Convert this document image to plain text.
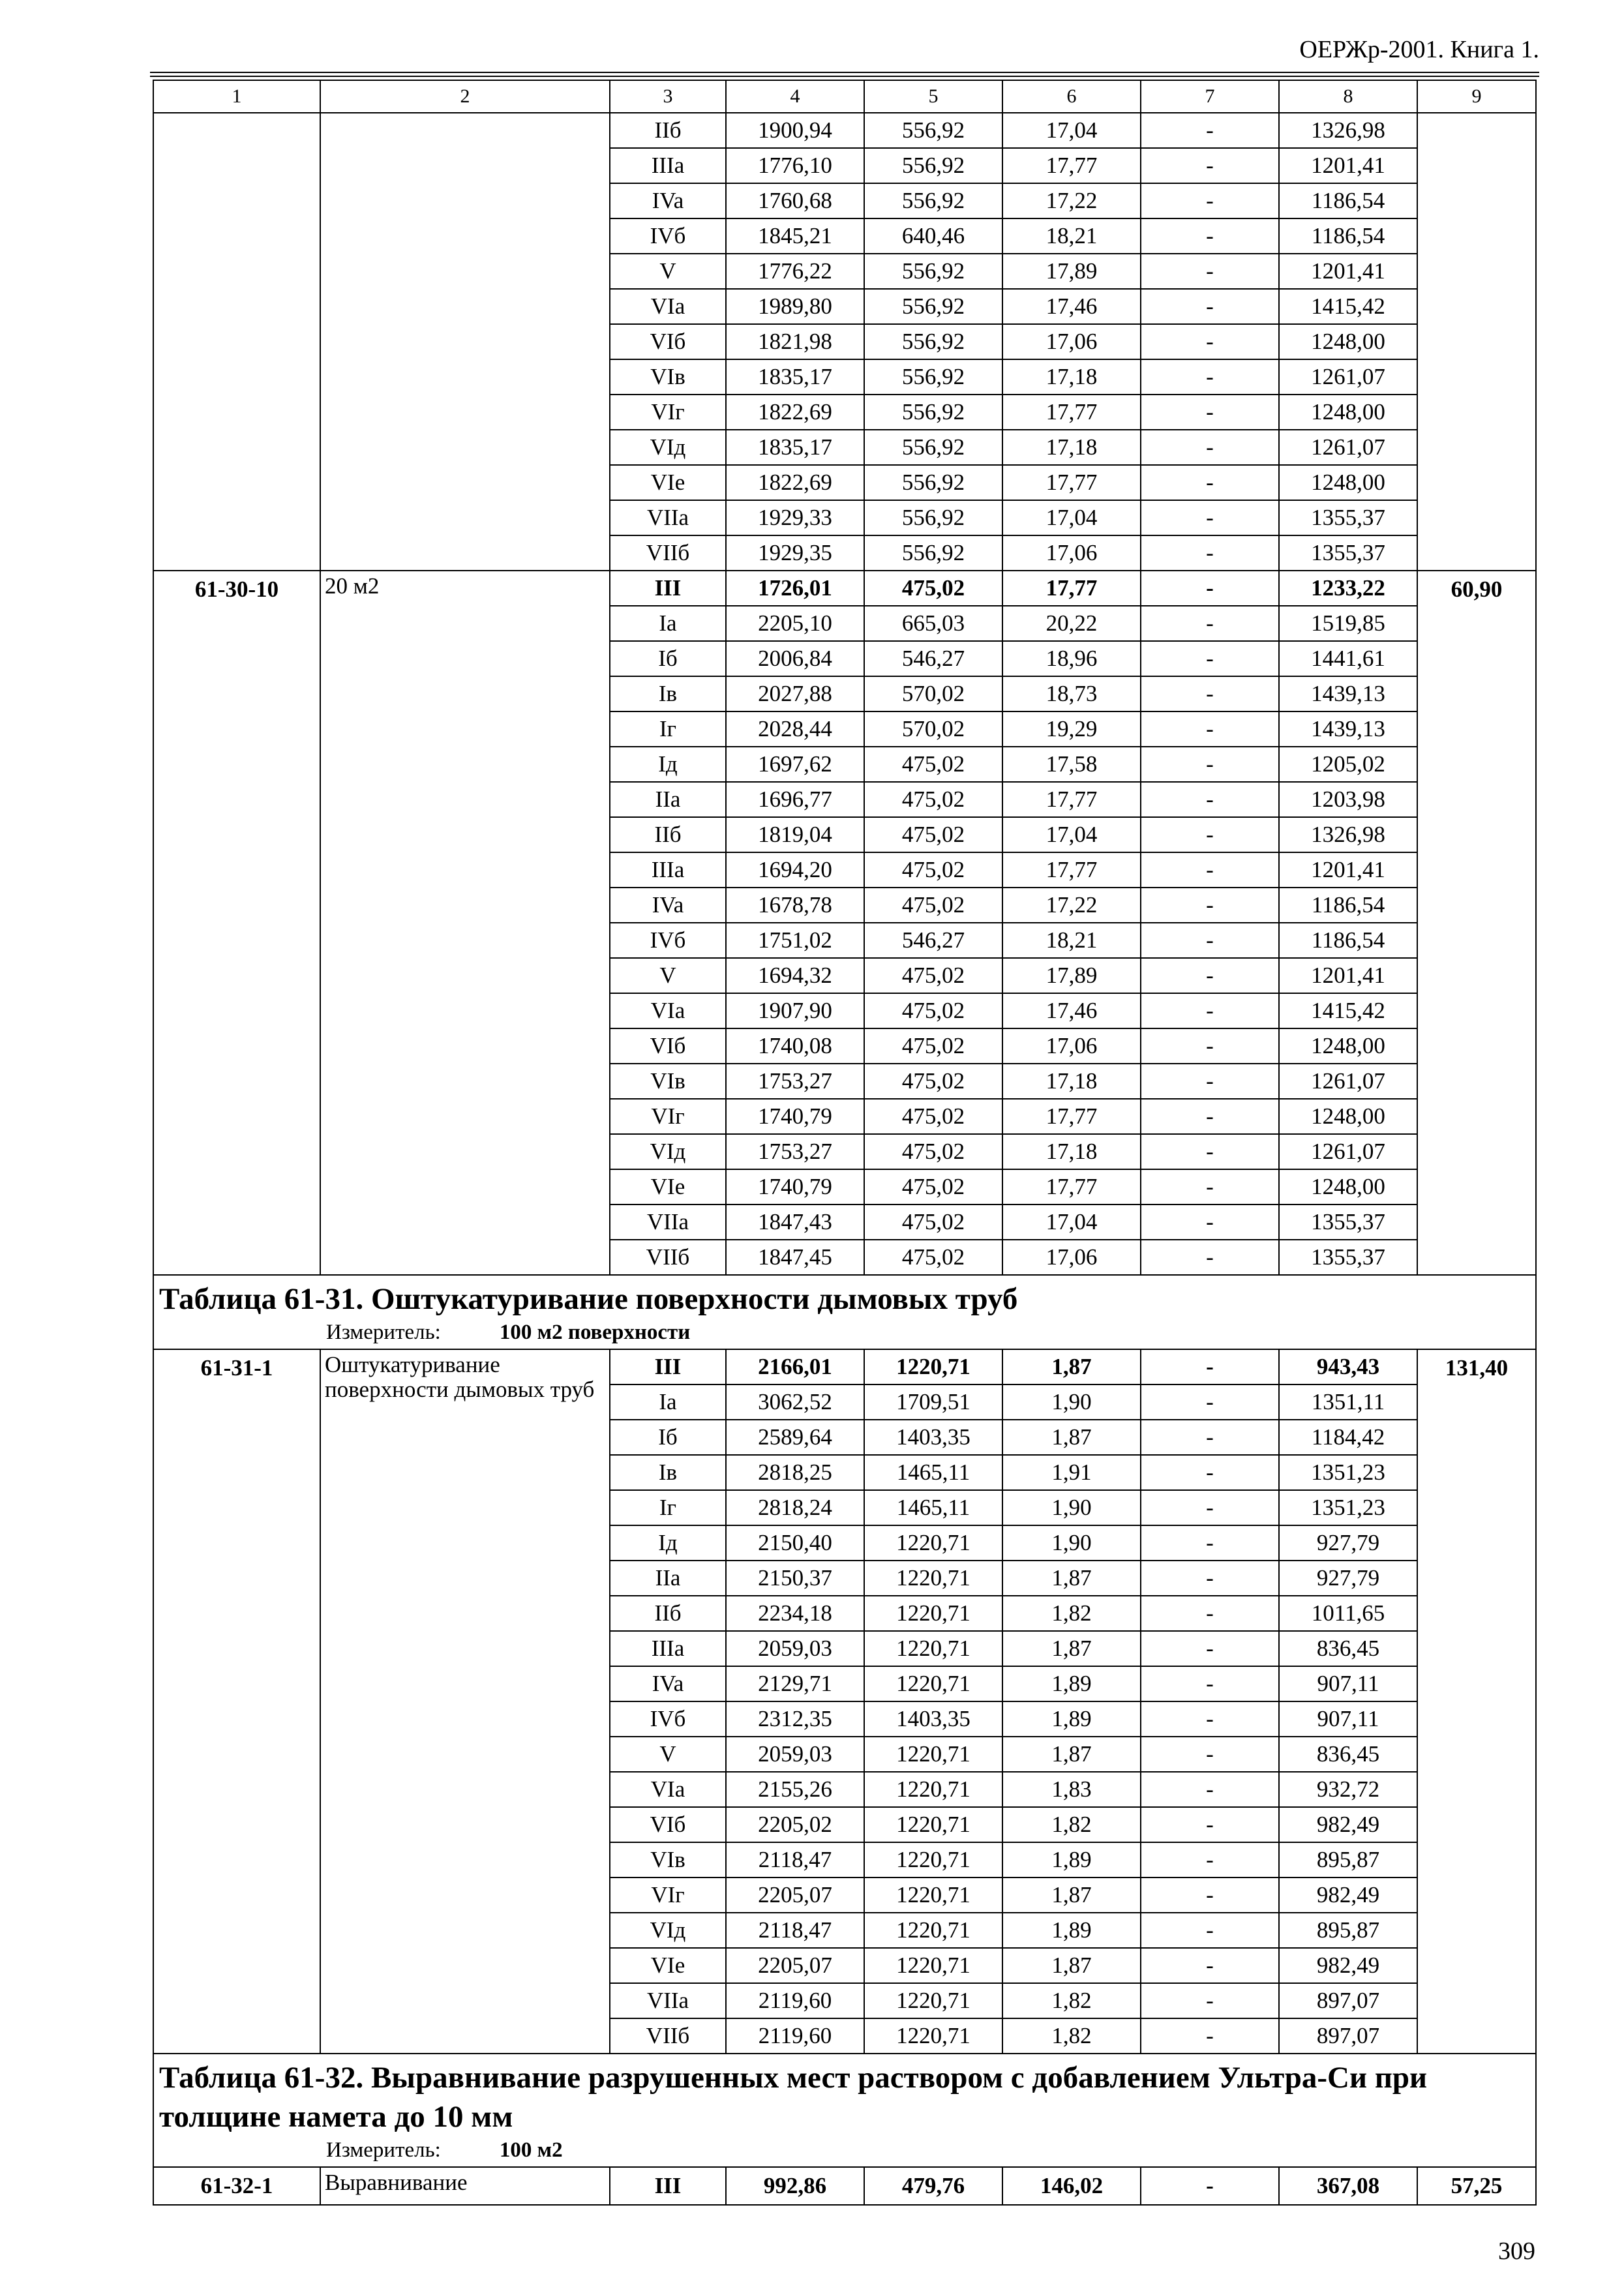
ОЕРЖр-2001. Книга 1.
1	2	3	4	5	6	7	8	9
		IIб	1900,94	556,92	17,04	-	1326,98	
		IIIa	1776,10	556,92	17,77	-	1201,41	
		IVa	1760,68	556,92	17,22	-	1186,54	
		IVб	1845,21	640,46	18,21	-	1186,54	
		V	1776,22	556,92	17,89	-	1201,41	
		VIa	1989,80	556,92	17,46	-	1415,42	
		VIб	1821,98	556,92	17,06	-	1248,00	
		VIв	1835,17	556,92	17,18	-	1261,07	
		VIг	1822,69	556,92	17,77	-	1248,00	
		VIд	1835,17	556,92	17,18	-	1261,07	
		VIe	1822,69	556,92	17,77	-	1248,00	
		VIIa	1929,33	556,92	17,04	-	1355,37	
		VIIб	1929,35	556,92	17,06	-	1355,37	
61-30-10	20 м2	III	1726,01	475,02	17,77	-	1233,22	60,90
		Ia	2205,10	665,03	20,22	-	1519,85	
		Iб	2006,84	546,27	18,96	-	1441,61	
		Iв	2027,88	570,02	18,73	-	1439,13	
		Iг	2028,44	570,02	19,29	-	1439,13	
		Iд	1697,62	475,02	17,58	-	1205,02	
		IIa	1696,77	475,02	17,77	-	1203,98	
		IIб	1819,04	475,02	17,04	-	1326,98	
		IIIa	1694,20	475,02	17,77	-	1201,41	
		IVa	1678,78	475,02	17,22	-	1186,54	
		IVб	1751,02	546,27	18,21	-	1186,54	
		V	1694,32	475,02	17,89	-	1201,41	
		VIa	1907,90	475,02	17,46	-	1415,42	
		VIб	1740,08	475,02	17,06	-	1248,00	
		VIв	1753,27	475,02	17,18	-	1261,07	
		VIг	1740,79	475,02	17,77	-	1248,00	
		VIд	1753,27	475,02	17,18	-	1261,07	
		VIe	1740,79	475,02	17,77	-	1248,00	
		VIIa	1847,43	475,02	17,04	-	1355,37	
		VIIб	1847,45	475,02	17,06	-	1355,37	

Таблица 61-31. Оштукатуривание поверхности дымовых труб
Измеритель: 100 м2 поверхности								

61-31-1	Оштукатуривание поверхности дымовых труб	III	2166,01	1220,71	1,87	-	943,43	131,40
		Ia	3062,52	1709,51	1,90	-	1351,11	
		Iб	2589,64	1403,35	1,87	-	1184,42	
		Iв	2818,25	1465,11	1,91	-	1351,23	
		Iг	2818,24	1465,11	1,90	-	1351,23	
		Iд	2150,40	1220,71	1,90	-	927,79	
		IIa	2150,37	1220,71	1,87	-	927,79	
		IIб	2234,18	1220,71	1,82	-	1011,65	
		IIIa	2059,03	1220,71	1,87	-	836,45	
		IVa	2129,71	1220,71	1,89	-	907,11	
		IVб	2312,35	1403,35	1,89	-	907,11	
		V	2059,03	1220,71	1,87	-	836,45	
		VIa	2155,26	1220,71	1,83	-	932,72	
		VIб	2205,02	1220,71	1,82	-	982,49	
		VIв	2118,47	1220,71	1,89	-	895,87	
		VIг	2205,07	1220,71	1,87	-	982,49	
		VIд	2118,47	1220,71	1,89	-	895,87	
		VIe	2205,07	1220,71	1,87	-	982,49	
		VIIa	2119,60	1220,71	1,82	-	897,07	
		VIIб	2119,60	1220,71	1,82	-	897,07	

Таблица 61-32. Выравнивание разрушенных мест раствором с добавлением Ультра-Си при толщине намета до 10 мм
Измеритель: 100 м2								

61-32-1	Выравнивание	III	992,86	479,76	146,02	-	367,08	57,25
309
